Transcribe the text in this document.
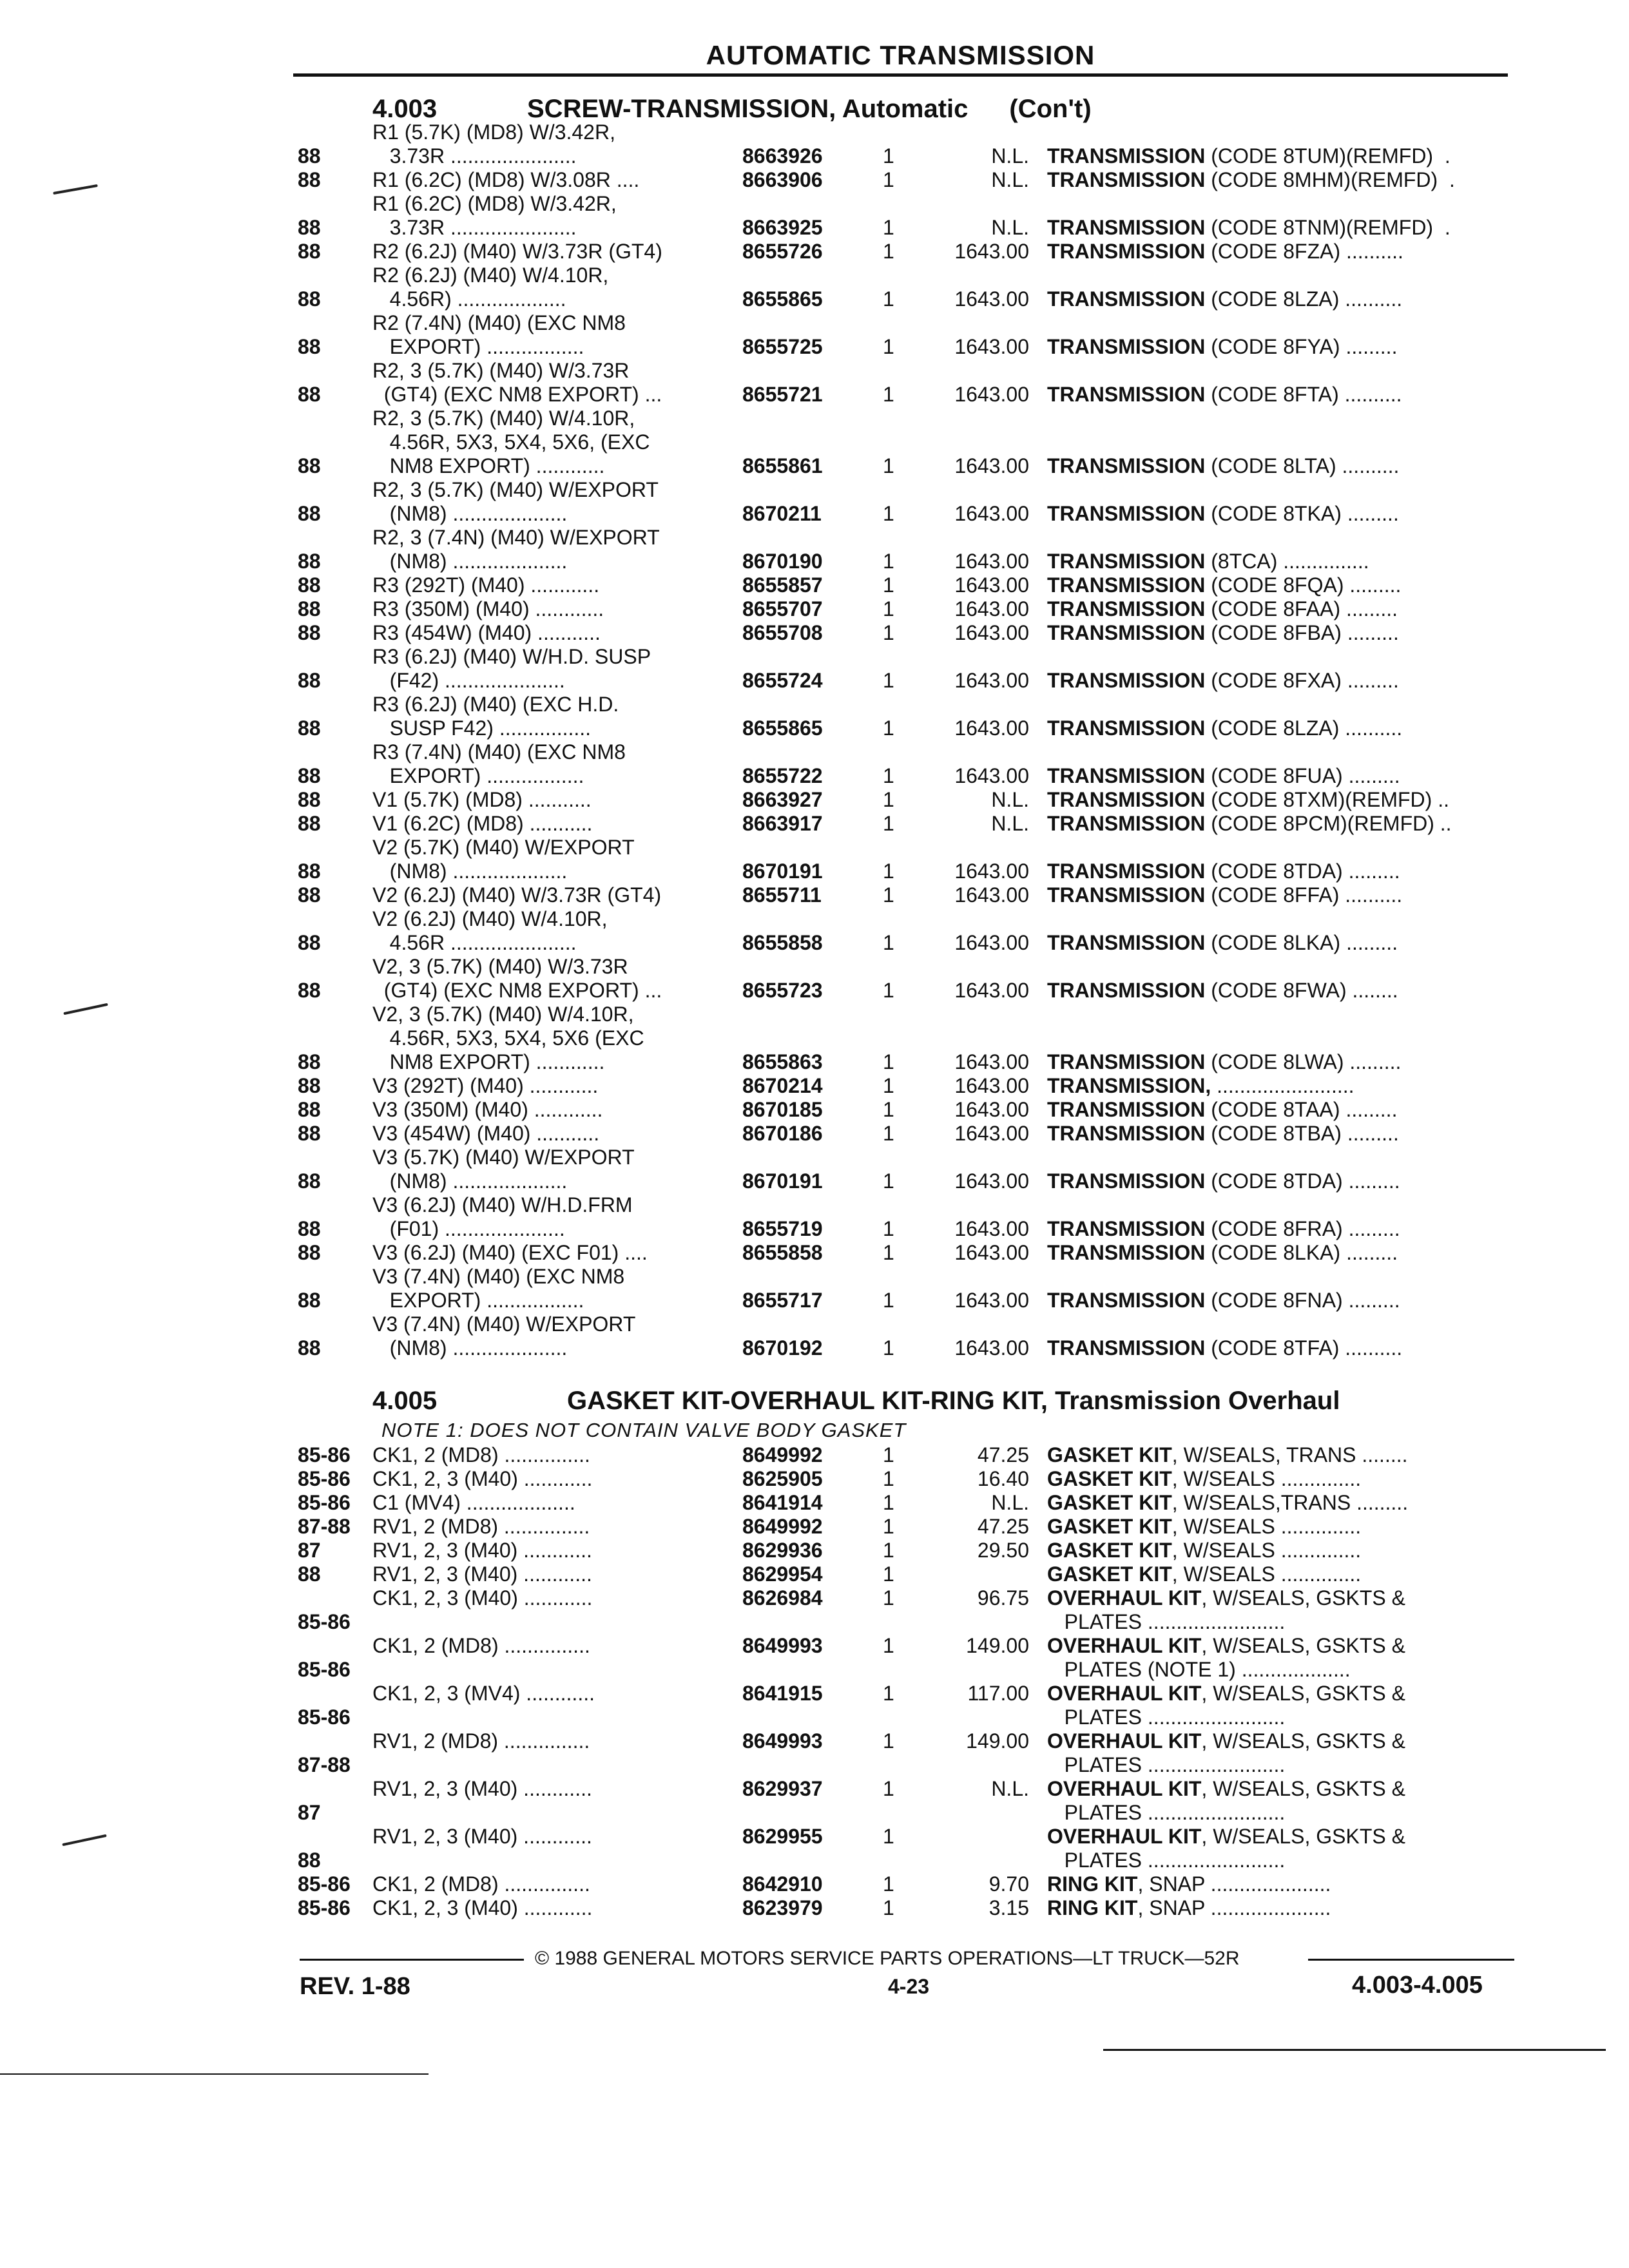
AUTOMATIC TRANSMISSION
4.003	SCREW-TRANSMISSION, Automatic (Con't)
88
R1 (5.7K) (MD8) W/3.42R,
3.73R ......................	8663926	1	N.L. TRANSMISSION (CODE 8TUM)(REMFD)  .
88	R1 (6.2C) (MD8) W/3.08R ....	8663906	1	N.L. TRANSMISSION (CODE 8MHM)(REMFD)  .
88
R1 (6.2C) (MD8) W/3.42R,
3.73R ......................	8663925	1	N.L. TRANSMISSION (CODE 8TNM)(REMFD)  .
88	R2 (6.2J) (M40) W/3.73R (GT4)	8655726	1	1643.00 TRANSMISSION (CODE 8FZA) ..........
88
R2 (6.2J) (M40) W/4.10R,
4.56R) ...................	8655865	1	1643.00 TRANSMISSION (CODE 8LZA) ..........
88
R2 (7.4N) (M40) (EXC NM8
EXPORT) .................	8655725	1	1643.00 TRANSMISSION (CODE 8FYA) .........
88
R2, 3 (5.7K) (M40) W/3.73R
(GT4) (EXC NM8 EXPORT) ...	8655721	1	1643.00 TRANSMISSION (CODE 8FTA) ..........
88
R2, 3 (5.7K) (M40) W/4.10R,
4.56R, 5X3, 5X4, 5X6, (EXC
NM8 EXPORT) ............	8655861	1	1643.00 TRANSMISSION (CODE 8LTA) ..........
88
R2, 3 (5.7K) (M40) W/EXPORT
(NM8) ....................	8670211	1	1643.00 TRANSMISSION (CODE 8TKA) .........
88
R2, 3 (7.4N) (M40) W/EXPORT
(NM8) ....................	8670190	1	1643.00 TRANSMISSION (8TCA) ...............
88	R3 (292T) (M40) ............	8655857	1	1643.00 TRANSMISSION (CODE 8FQA) .........
88	R3 (350M) (M40) ............	8655707	1	1643.00 TRANSMISSION (CODE 8FAA) .........
88	R3 (454W) (M40) ...........	8655708	1	1643.00 TRANSMISSION (CODE 8FBA) .........
88
R3 (6.2J) (M40) W/H.D. SUSP
(F42) .....................	8655724	1	1643.00 TRANSMISSION (CODE 8FXA) .........
88
R3 (6.2J) (M40) (EXC H.D.
SUSP F42) ................	8655865	1	1643.00 TRANSMISSION (CODE 8LZA) ..........
88
R3 (7.4N) (M40) (EXC NM8
EXPORT) .................	8655722	1	1643.00 TRANSMISSION (CODE 8FUA) .........
88	V1 (5.7K) (MD8) ...........	8663927	1	N.L. TRANSMISSION (CODE 8TXM)(REMFD) ..
88	V1 (6.2C) (MD8) ...........	8663917	1	N.L. TRANSMISSION (CODE 8PCM)(REMFD) ..
88
V2 (5.7K) (M40) W/EXPORT
(NM8) ....................	8670191	1	1643.00 TRANSMISSION (CODE 8TDA) .........
88	V2 (6.2J) (M40) W/3.73R (GT4)	8655711	1	1643.00 TRANSMISSION (CODE 8FFA) ..........
88
V2 (6.2J) (M40) W/4.10R,
4.56R ......................	8655858	1	1643.00 TRANSMISSION (CODE 8LKA) .........
88
V2, 3 (5.7K) (M40) W/3.73R
(GT4) (EXC NM8 EXPORT) ...	8655723	1	1643.00 TRANSMISSION (CODE 8FWA) ........
88
V2, 3 (5.7K) (M40) W/4.10R,
4.56R, 5X3, 5X4, 5X6 (EXC
NM8 EXPORT) ............	8655863	1	1643.00 TRANSMISSION (CODE 8LWA) .........
88	V3 (292T) (M40) ............	8670214	1	1643.00 TRANSMISSION, ........................
88	V3 (350M) (M40) ............	8670185	1	1643.00 TRANSMISSION (CODE 8TAA) .........
88	V3 (454W) (M40) ...........	8670186	1	1643.00 TRANSMISSION (CODE 8TBA) .........
88
V3 (5.7K) (M40) W/EXPORT
(NM8) ....................	8670191	1	1643.00 TRANSMISSION (CODE 8TDA) .........
88
V3 (6.2J) (M40) W/H.D.FRM
(F01) .....................	8655719	1	1643.00 TRANSMISSION (CODE 8FRA) .........
88	V3 (6.2J) (M40) (EXC F01) ....	8655858	1	1643.00 TRANSMISSION (CODE 8LKA) .........
88
V3 (7.4N) (M40) (EXC NM8
EXPORT) .................	8655717	1	1643.00 TRANSMISSION (CODE 8FNA) .........
88
V3 (7.4N) (M40) W/EXPORT
(NM8) ....................	8670192	1	1643.00 TRANSMISSION (CODE 8TFA) ..........
4.005	GASKET KIT-OVERHAUL KIT-RING KIT, Transmission Overhaul
NOTE 1: DOES NOT CONTAIN VALVE BODY GASKET
85-86 CK1, 2 (MD8) ...............	8649992	1	47.25 GASKET KIT, W/SEALS, TRANS ........
85-86 CK1, 2, 3 (M40) ............	8625905	1	16.40 GASKET KIT, W/SEALS ..............
85-86 C1 (MV4) ...................	8641914	1	N.L. GASKET KIT, W/SEALS,TRANS .........
87-88 RV1, 2 (MD8) ...............	8649992	1	47.25 GASKET KIT, W/SEALS ..............
87	RV1, 2, 3 (M40) ............	8629936	1	29.50 GASKET KIT, W/SEALS ..............
88	RV1, 2, 3 (M40) ............	8629954	1	GASKET KIT, W/SEALS ..............
85-86
CK1, 2, 3 (M40) ............	8626984	1	96.75 OVERHAUL KIT, W/SEALS, GSKTS &
PLATES ........................
85-86
CK1, 2 (MD8) ...............	8649993	1	149.00 OVERHAUL KIT, W/SEALS, GSKTS &
PLATES (NOTE 1) ...................
85-86
CK1, 2, 3 (MV4) ............	8641915	1	117.00 OVERHAUL KIT, W/SEALS, GSKTS &
PLATES ........................
87-88
RV1, 2 (MD8) ...............	8649993	1	149.00 OVERHAUL KIT, W/SEALS, GSKTS &
PLATES ........................
87
RV1, 2, 3 (M40) ............	8629937	1	N.L. OVERHAUL KIT, W/SEALS, GSKTS &
PLATES ........................
88
RV1, 2, 3 (M40) ............	8629955	1	OVERHAUL KIT, W/SEALS, GSKTS &
PLATES ........................
85-86 CK1, 2 (MD8) ...............	8642910	1	9.70 RING KIT, SNAP .....................
85-86 CK1, 2, 3 (M40) ............	8623979	1	3.15 RING KIT, SNAP .....................
© 1988 GENERAL MOTORS SERVICE PARTS OPERATIONS—LT TRUCK—52R
REV. 1-88	4-23	4.003-4.005
